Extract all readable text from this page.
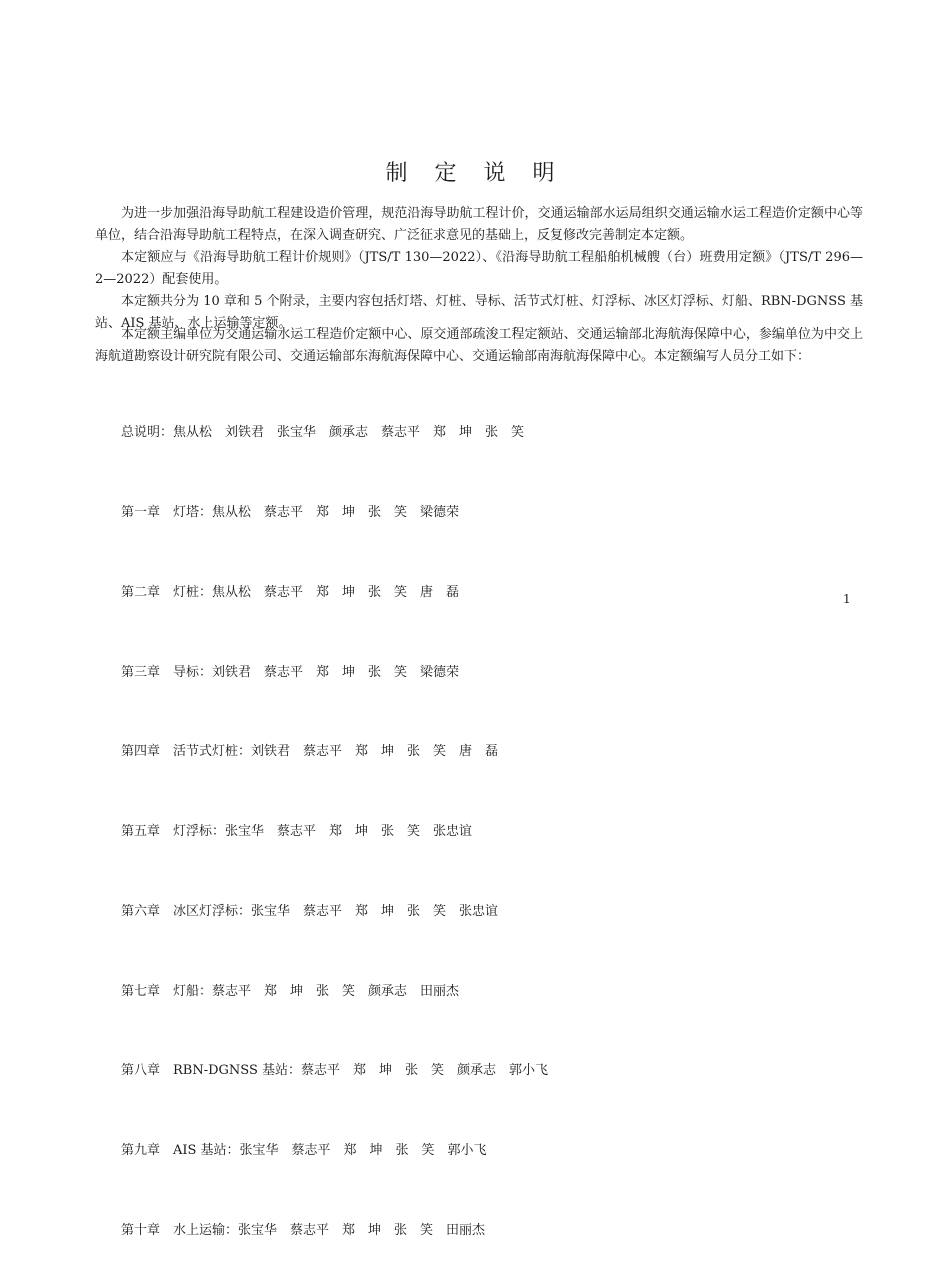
制 定 说 明

为进一步加强沿海导助航工程建设造价管理，规范沿海导助航工程计价，交通运输部水运局组织交通运输水运工程造价定额中心等单位，结合沿海导助航工程特点，在深入调查研究、广泛征求意见的基础上，反复修改完善制定本定额。

本定额应与《沿海导助航工程计价规则》（JTS/T 130—2022）、《沿海导助航工程船舶机械艘（台）班费用定额》（JTS/T 296—2—2022）配套使用。

本定额共分为 10 章和 5 个附录，主要内容包括灯塔、灯桩、导标、活节式灯桩、灯浮标、冰区灯浮标、灯船、RBN-DGNSS 基站、AIS 基站、水上运输等定额。

本定额主编单位为交通运输水运工程造价定额中心、原交通部疏浚工程定额站、交通运输部北海航海保障中心，参编单位为中交上海航道勘察设计研究院有限公司、交通运输部东海航海保障中心、交通运输部南海航海保障中心。本定额编写人员分工如下：

总说明：焦从松　刘铁君　张宝华　颜承志　蔡志平　郑　坤　张　笑

第一章　灯塔：焦从松　蔡志平　郑　坤　张　笑　梁德荣

第二章　灯桩：焦从松　蔡志平　郑　坤　张　笑　唐　磊

第三章　导标：刘铁君　蔡志平　郑　坤　张　笑　梁德荣

第四章　活节式灯桩：刘铁君　蔡志平　郑　坤　张　笑　唐　磊

第五章　灯浮标：张宝华　蔡志平　郑　坤　张　笑　张忠谊

第六章　冰区灯浮标：张宝华　蔡志平　郑　坤　张　笑　张忠谊

第七章　灯船：蔡志平　郑　坤　张　笑　颜承志　田丽杰

第八章　RBN-DGNSS 基站：蔡志平　郑　坤　张　笑　颜承志　郭小飞

第九章　AIS 基站：张宝华　蔡志平　郑　坤　张　笑　郭小飞

第十章　水上运输：张宝华　蔡志平　郑　坤　张　笑　田丽杰

1
